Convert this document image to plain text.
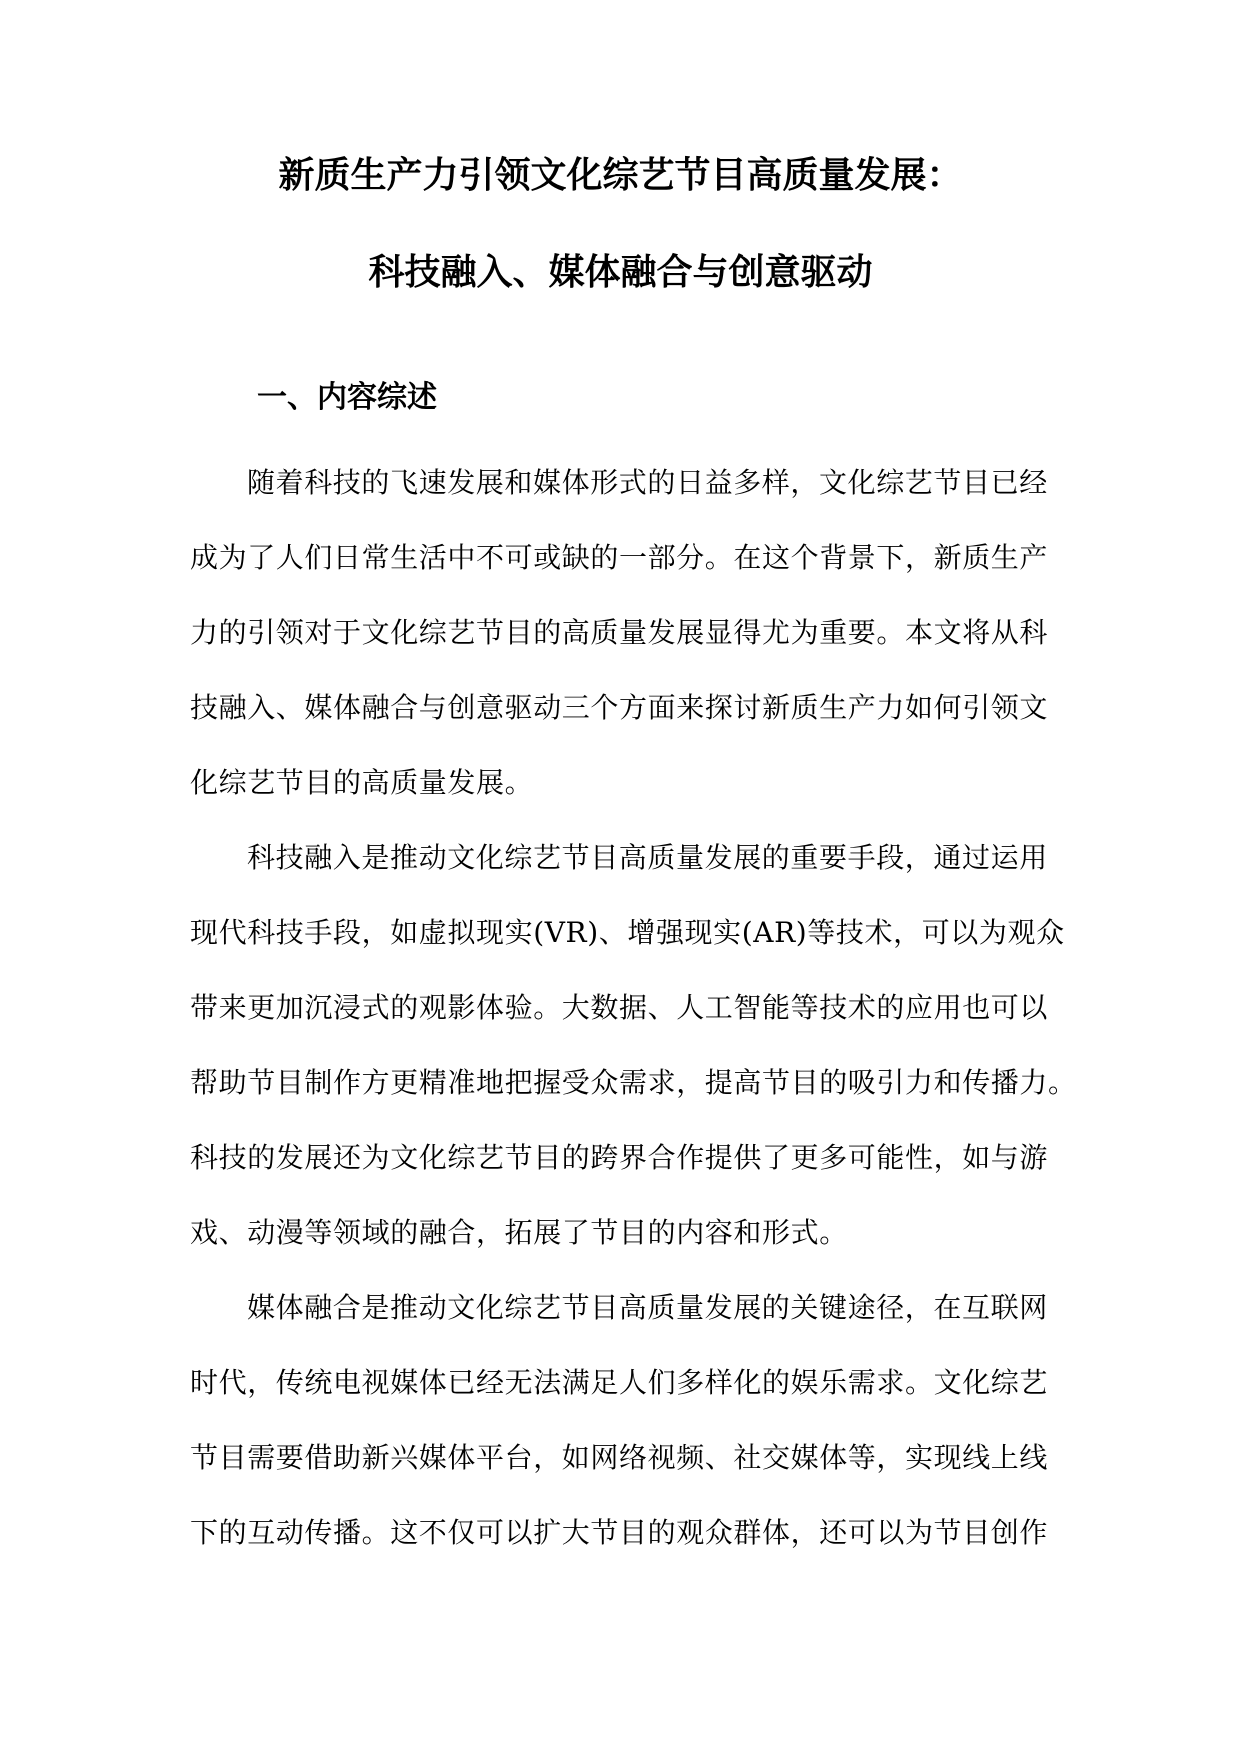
新质生产力引领文化综艺节目高质量发展：
科技融入、媒体融合与创意驱动
一、内容综述
随着科技的飞速发展和媒体形式的日益多样，文化综艺节目已经
成为了人们日常生活中不可或缺的一部分。在这个背景下，新质生产
力的引领对于文化综艺节目的高质量发展显得尤为重要。本文将从科
技融入、媒体融合与创意驱动三个方面来探讨新质生产力如何引领文
化综艺节目的高质量发展。
科技融入是推动文化综艺节目高质量发展的重要手段，通过运用
现代科技手段，如虚拟现实(VR)、增强现实(AR)等技术，可以为观众
带来更加沉浸式的观影体验。大数据、人工智能等技术的应用也可以
帮助节目制作方更精准地把握受众需求，提高节目的吸引力和传播力。
科技的发展还为文化综艺节目的跨界合作提供了更多可能性，如与游
戏、动漫等领域的融合，拓展了节目的内容和形式。
媒体融合是推动文化综艺节目高质量发展的关键途径，在互联网
时代，传统电视媒体已经无法满足人们多样化的娱乐需求。文化综艺
节目需要借助新兴媒体平台，如网络视频、社交媒体等，实现线上线
下的互动传播。这不仅可以扩大节目的观众群体，还可以为节目创作
